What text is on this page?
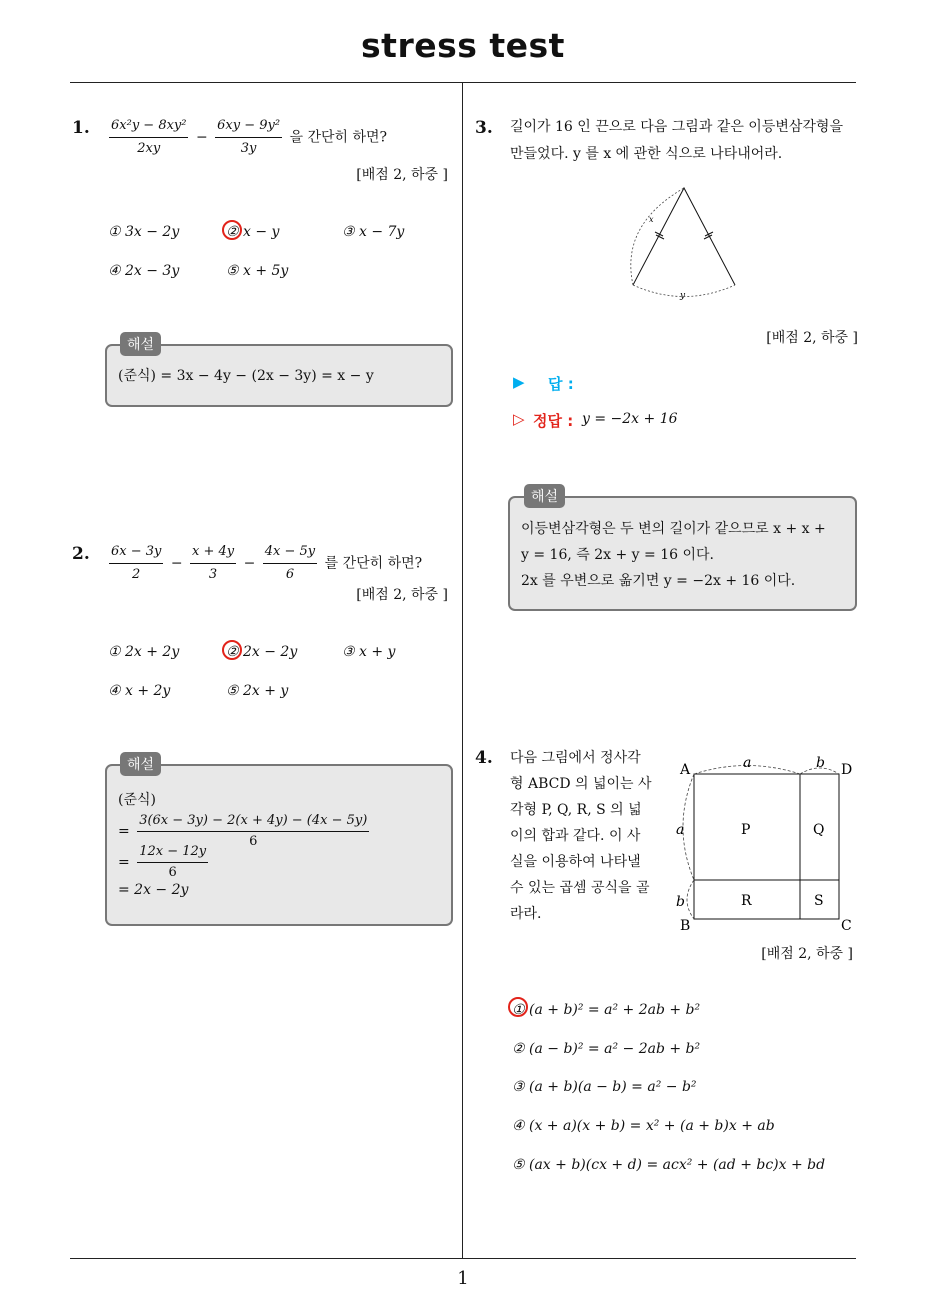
stress test
1
1. $\frac{\text{6x²y − 8xy²}}{2xy} - \frac{\text{6xy − 9y²}}{3y}$ 을 간단히 하면?
[배점 2, 하중 ]
① 3x − 2y	② x − y	③ x − 7y
④ 2x − 3y	⑤ x + 5y
해설
(준식) = 3x − 4y − (2x − 3y) = x − y
2. $\frac{6x - 3y}{2} - \frac{x + 4y}{3} - \frac{4x - 5y}{6}$ 를 간단히 하면?
[배점 2, 하중 ]
① 2x + 2y	② 2x − 2y	③ x + y
④ x + 2y	⑤ 2x + y
해설
(준식)
= $\frac{3(6x - 3y) - 2(x + 4y) - (4x - 5y)}{6}$
= $\frac{12x - 12y}{6}$
= 2x − 2y
3. 길이가 16 인 끈으로 다음 그림과 같은 이등변삼각형을
만들었다. y 를 x 에 관한 식으로 나타내어라.
x
y
[배점 2, 하중 ]
▶ 답 :
▷ 정답 : y = −2x + 16
해설
이등변삼각형은 두 변의 길이가 같으므로 x + x +
y = 16, 즉 2x + y = 16 이다.
2x 를 우변으로 옮기면 y = −2x + 16 이다.
4. 다음 그림에서 정사각
형 ABCD 의 넓이는 사
각형 P, Q, R, S 의 넓
이의 합과 같다. 이 사
실을 이용하여 나타낼
수 있는 곱셈 공식을 골
라라.
A	D
B	C
a	b
a
b
P	Q
R	S
[배점 2, 하중 ]
① (a + b)² = a² + 2ab + b²
② (a − b)² = a² − 2ab + b²
③ (a + b)(a − b) = a² − b²
④ (x + a)(x + b) = x² + (a + b)x + ab
⑤ (ax + b)(cx + d) = acx² + (ad + bc)x + bd
